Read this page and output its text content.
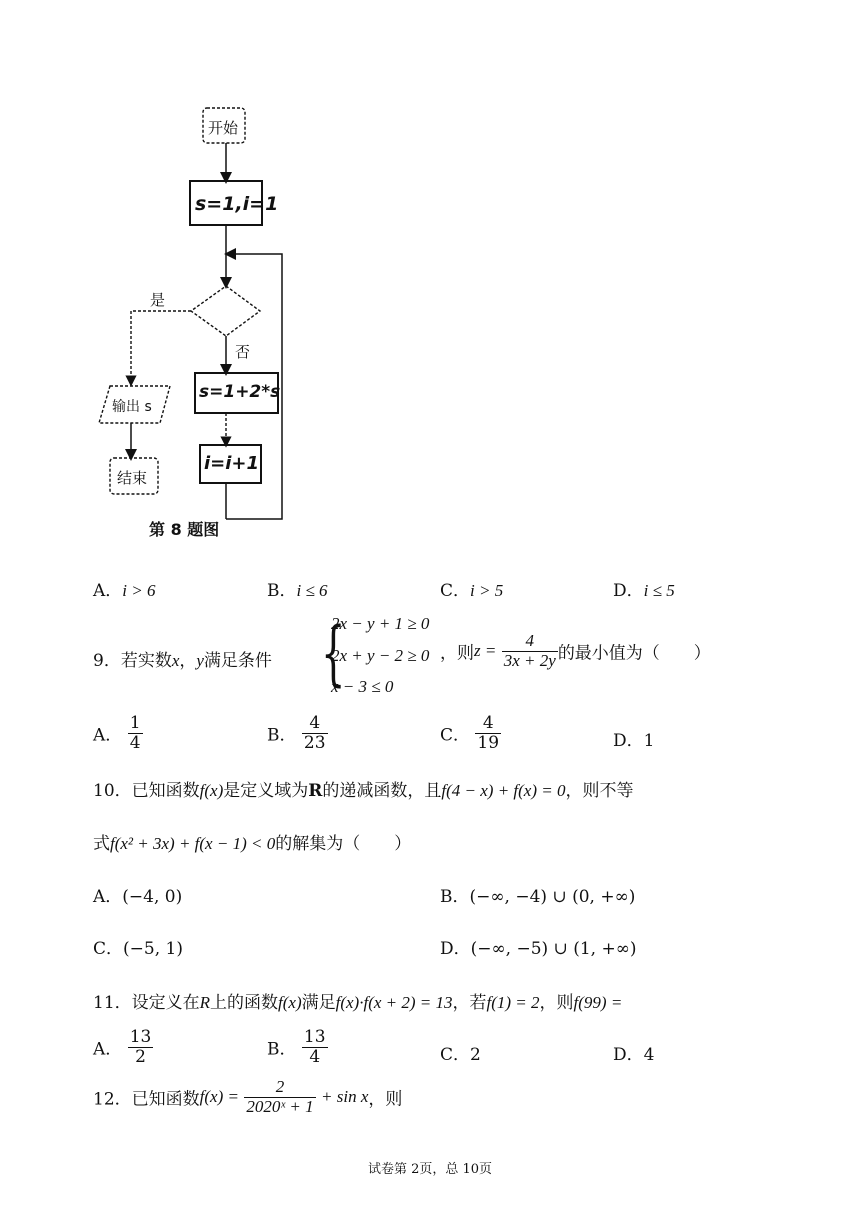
开始
s=1,i=1
是
否
s=1+2*s
i=i+1
输出 s
结束
第 8 题图
A．i > 6	B．i ≤ 6	C．i > 5	D．i ≤ 5
9．若实数x，y满足条件 {
2x − y + 1 ≥ 0
2x + y − 2 ≥ 0
x − 3 ≤ 0
，则$z = \frac{4}{3x + 2y}$ 的最小值为（　　）
A． $\frac{1}{4}$	B． $\frac{4}{23}$	C． $\frac{4}{19}$	D．1
10．已知函数f(x)是定义域为R的递减函数，且f(4 − x) + f(x) = 0，则不等
式f(x² + 3x) + f(x − 1) < 0的解集为（　　）
A．(−4, 0)	B．(−∞, −4) ∪ (0, +∞)
C．(−5, 1)	D．(−∞, −5) ∪ (1, +∞)
11．设定义在R上的函数f(x)满足f(x)·f(x + 2) = 13，若f(1) = 2，则f(99) =
A． $\frac{13}{2}$	B． $\frac{13}{4}$	C．2	D．4
12．已知函数$f(x) = \frac{2}{\text{2020ˣ + 1}} + \sin x$，则
试卷第 2页，总 10页
